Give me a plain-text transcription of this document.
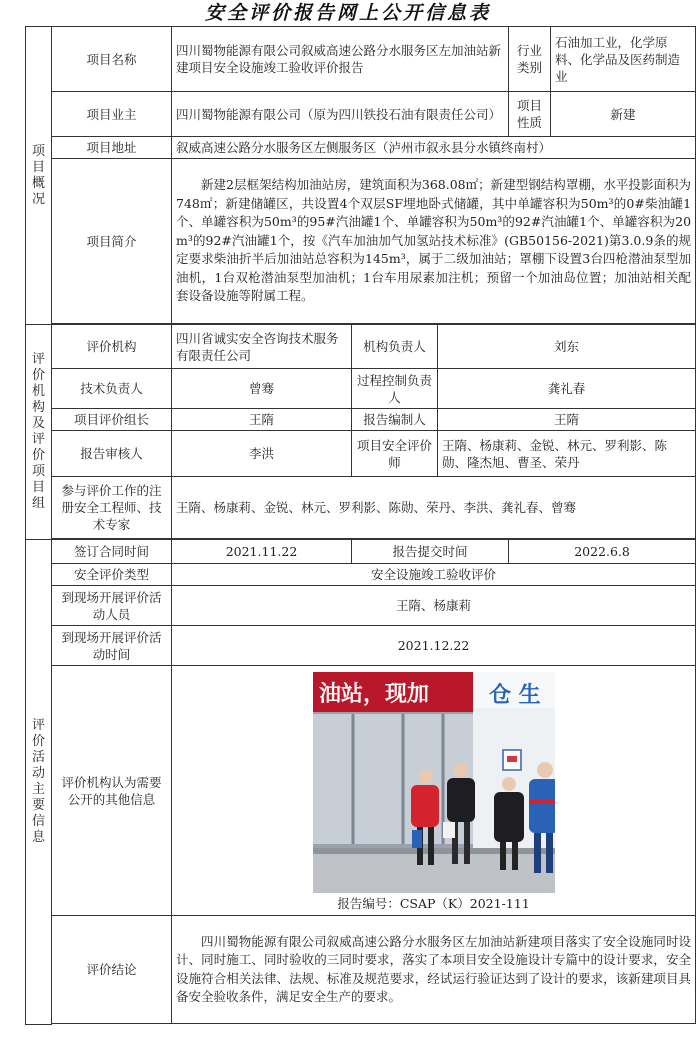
安全评价报告网上公开信息表
项目概况	项目名称	四川蜀物能源有限公司叙威高速公路分水服务区左加油站新建项目安全设施竣工验收评价报告			行业类别	石油加工业，化学原料、化学品及医药制造业
	项目业主	四川蜀物能源有限公司（原为四川铁投石油有限责任公司）			项目性质	新建
	项目地址	叙威高速公路分水服务区左侧服务区（泸州市叙永县分水镇终南村）				
	项目简介	新建2层框架结构加油站房，建筑面积为368.08㎡；新建型钢结构罩棚，水平投影面积为748㎡；新建储罐区，共设置4个双层SF埋地卧式储罐，其中单罐容积为50m³的0#柴油罐1个、单罐容积为50m³的95#汽油罐1个、单罐容积为50m³的92#汽油罐1个、单罐容积为20m³的92#汽油罐1个，按《汽车加油加气加氢站技术标准》(GB50156-2021)第3.0.9条的规定要求柴油折半后加油站总容积为145m³，属于二级加油站；罩棚下设置3台四枪潜油泵型加油机，1台双枪潜油泵型加油机；1台车用尿素加注机；预留一个加油岛位置；加油站相关配套设备设施等附属工程。				

评价机构及评价项目组	评价机构	四川省诚实安全咨询技术服务有限责任公司	机构负责人	刘东		
	技术负责人	曾骞	过程控制负责人	龚礼春		
	项目评价组长	王隋	报告编制人	王隋		
	报告审核人	李洪	项目安全评价师	王隋、杨康莉、金锐、林元、罗利影、陈勋、隆杰旭、曹圣、荣丹		
	参与评价工作的注册安全工程师、技术专家	王隋、杨康莉、金锐、林元、罗利影、陈勋、荣丹、李洪、龚礼春、曾骞				

评价活动主要信息	签订合同时间	2021.11.22	报告提交时间		2022.6.8	
	安全评价类型	安全设施竣工验收评价				
	到现场开展评价活动人员	王隋、杨康莉				
	到现场开展评价活动时间	2021.12.22				
	评价机构认为需要公开的其他信息	油站，现加 仓 生
报告编号：CSAP（K）2021-111				

	评价结论	四川蜀物能源有限公司叙威高速公路分水服务区左加油站新建项目落实了安全设施同时设计、同时施工、同时验收的三同时要求，落实了本项目安全设施设计专篇中的设计要求，安全设施符合相关法律、法规、标准及规范要求，经试运行验证达到了设计的要求，该新建项目具备安全验收条件，满足安全生产的要求。				
